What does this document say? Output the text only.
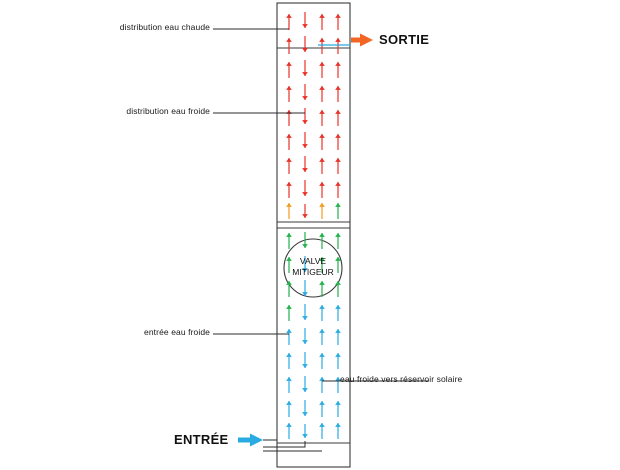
distribution eau chaude
distribution eau froide
entrée eau froide
eau froide vers réservoir solaire
SORTIE
ENTRÉE
VALVE
MITIGEUR
